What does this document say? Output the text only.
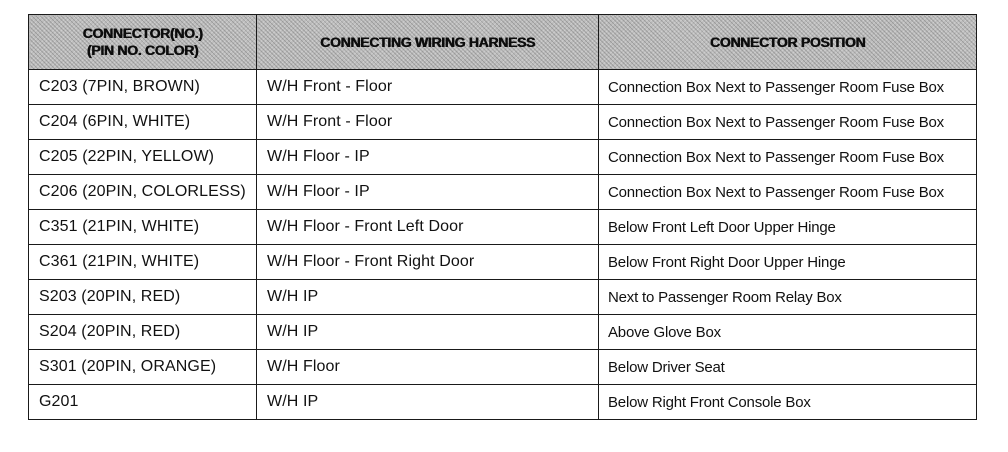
CONNECTOR(NO.)
(PIN NO. COLOR)	CONNECTING WIRING HARNESS	CONNECTOR POSITION
C203 (7PIN, BROWN)	W/H Front - Floor	Connection Box Next to Passenger Room Fuse Box
C204 (6PIN, WHITE)	W/H Front - Floor	Connection Box Next to Passenger Room Fuse Box
C205 (22PIN, YELLOW)	W/H Floor - IP	Connection Box Next to Passenger Room Fuse Box
C206 (20PIN, COLORLESS)	W/H Floor - IP	Connection Box Next to Passenger Room Fuse Box
C351 (21PIN, WHITE)	W/H Floor - Front Left Door	Below Front Left Door Upper Hinge
C361 (21PIN, WHITE)	W/H Floor - Front Right Door	Below Front Right Door Upper Hinge
S203 (20PIN, RED)	W/H IP	Next to Passenger Room Relay Box
S204 (20PIN, RED)	W/H IP	Above Glove Box
S301 (20PIN, ORANGE)	W/H Floor	Below Driver Seat
G201	W/H IP	Below Right Front Console Box
